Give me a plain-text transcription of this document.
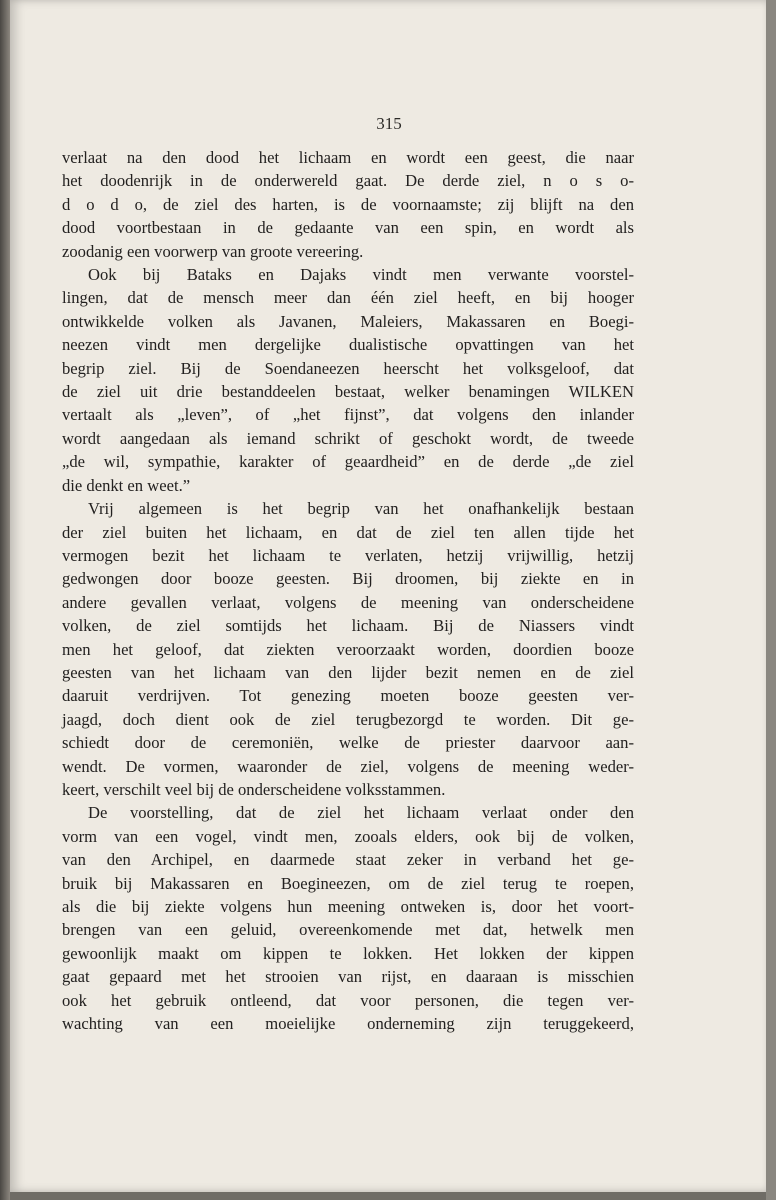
315
verlaat na den dood het lichaam en wordt een geest, die naar
het doodenrijk in de onderwereld gaat. De derde ziel, n o s o-
d o d o, de ziel des harten, is de voornaamste; zij blijft na den
dood voortbestaan in de gedaante van een spin, en wordt als
zoodanig een voorwerp van groote vereering.
Ook bij Bataks en Dajaks vindt men verwante voorstel-
lingen, dat de mensch meer dan één ziel heeft, en bij hooger
ontwikkelde volken als Javanen, Maleiers, Makassaren en Boegi-
neezen vindt men dergelijke dualistische opvattingen van het
begrip ziel. Bij de Soendaneezen heerscht het volksgeloof, dat
de ziel uit drie bestanddeelen bestaat, welker benamingen WILKEN
vertaalt als „leven”, of „het fijnst”, dat volgens den inlander
wordt aangedaan als iemand schrikt of geschokt wordt, de tweede
„de wil, sympathie, karakter of geaardheid” en de derde „de ziel
die denkt en weet.”
Vrij algemeen is het begrip van het onafhankelijk bestaan
der ziel buiten het lichaam, en dat de ziel ten allen tijde het
vermogen bezit het lichaam te verlaten, hetzij vrijwillig, hetzij
gedwongen door booze geesten. Bij droomen, bij ziekte en in
andere gevallen verlaat, volgens de meening van onderscheidene
volken, de ziel somtijds het lichaam. Bij de Niassers vindt
men het geloof, dat ziekten veroorzaakt worden, doordien booze
geesten van het lichaam van den lijder bezit nemen en de ziel
daaruit verdrijven. Tot genezing moeten booze geesten ver-
jaagd, doch dient ook de ziel terugbezorgd te worden. Dit ge-
schiedt door de ceremoniën, welke de priester daarvoor aan-
wendt. De vormen, waaronder de ziel, volgens de meening weder-
keert, verschilt veel bij de onderscheidene volksstammen.
De voorstelling, dat de ziel het lichaam verlaat onder den
vorm van een vogel, vindt men, zooals elders, ook bij de volken,
van den Archipel, en daarmede staat zeker in verband het ge-
bruik bij Makassaren en Boegineezen, om de ziel terug te roepen,
als die bij ziekte volgens hun meening ontweken is, door het voort-
brengen van een geluid, overeenkomende met dat, hetwelk men
gewoonlijk maakt om kippen te lokken. Het lokken der kippen
gaat gepaard met het strooien van rijst, en daaraan is misschien
ook het gebruik ontleend, dat voor personen, die tegen ver-
wachting van een moeielijke onderneming zijn teruggekeerd,
